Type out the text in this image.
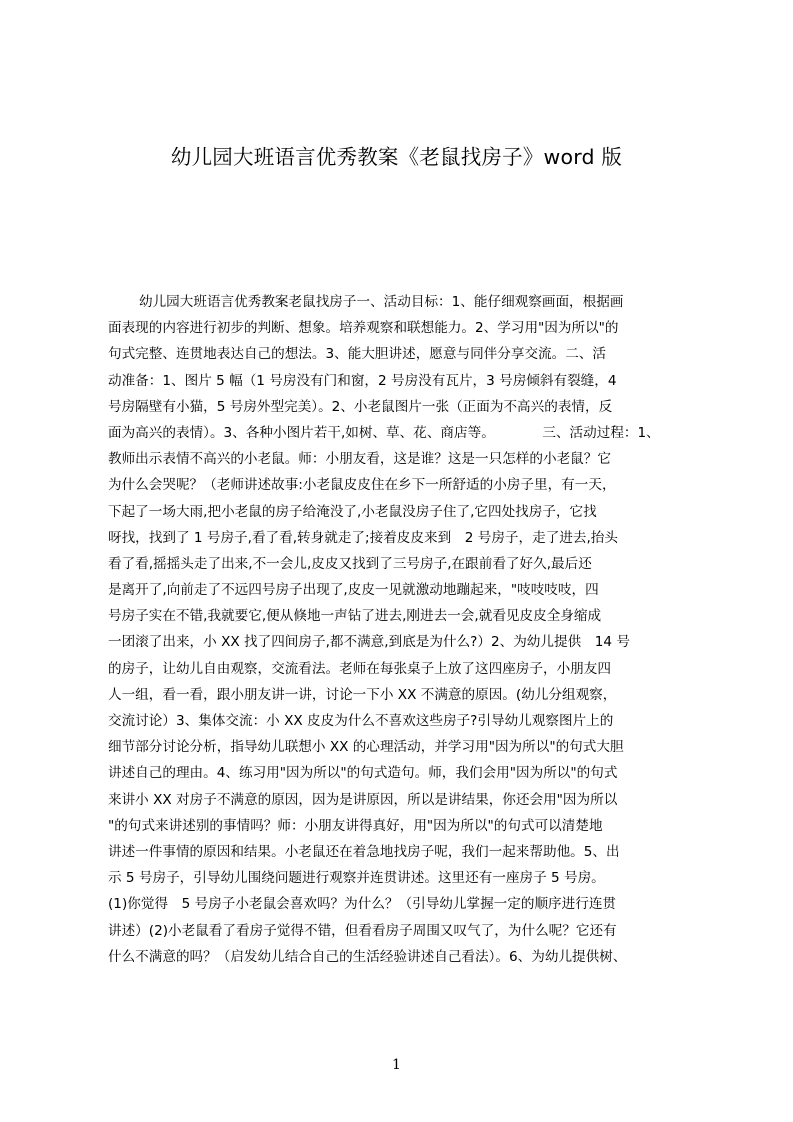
幼儿园大班语言优秀教案《老鼠找房子》word 版
幼儿园大班语言优秀教案老鼠找房子一、活动目标：1、能仔细观察画面，根据画
面表现的内容进行初步的判断、想象。培养观察和联想能力。2、学习用"因为所以"的
句式完整、连贯地表达自己的想法。3、能大胆讲述，愿意与同伴分享交流。二、活
动准备：1、图片 5 幅（1 号房没有门和窗，2 号房没有瓦片，3 号房倾斜有裂缝，4
号房隔壁有小猫，5 号房外型完美）。2、小老鼠图片一张（正面为不高兴的表情，反
面为高兴的表情）。3、各种小图片若干,如树、草、花、商店等。　　　　三、活动过程：1、
教师出示表情不高兴的小老鼠。师：小朋友看，这是谁？这是一只怎样的小老鼠？它
为什么会哭呢？（老师讲述故事:小老鼠皮皮住在乡下一所舒适的小房子里，有一天，
下起了一场大雨,把小老鼠的房子给淹没了,小老鼠没房子住了,它四处找房子，它找
呀找，找到了 1 号房子,看了看,转身就走了;接着皮皮来到　2 号房子，走了进去,抬头
看了看,摇摇头走了出来,不一会儿,皮皮又找到了三号房子,在跟前看了好久,最后还
是离开了,向前走了不远四号房子出现了,皮皮一见就激动地蹦起来，"吱吱吱吱，四
号房子实在不错,我就要它,便从倏地一声钻了进去,刚进去一会,就看见皮皮全身缩成
一团滚了出来，小 XX 找了四间房子,都不满意,到底是为什么?）2、为幼儿提供　14 号
的房子，让幼儿自由观察，交流看法。老师在每张桌子上放了这四座房子，小朋友四
人一组，看一看，跟小朋友讲一讲，讨论一下小 XX 不满意的原因。(幼儿分组观察，
交流讨论）3、集体交流：小 XX 皮皮为什么不喜欢这些房子?引导幼儿观察图片上的
细节部分讨论分析，指导幼儿联想小 XX 的心理活动，并学习用"因为所以"的句式大胆
讲述自己的理由。4、练习用"因为所以"的句式造句。师，我们会用"因为所以"的句式
来讲小 XX 对房子不满意的原因，因为是讲原因，所以是讲结果，你还会用"因为所以
"的句式来讲述别的事情吗？师：小朋友讲得真好，用"因为所以"的句式可以清楚地
讲述一件事情的原因和结果。小老鼠还在着急地找房子呢，我们一起来帮助他。5、出
示 5 号房子，引导幼儿围绕问题进行观察并连贯讲述。这里还有一座房子 5 号房。
(1)你觉得　5 号房子小老鼠会喜欢吗？为什么？（引导幼儿掌握一定的顺序进行连贯
讲述）(2)小老鼠看了看房子觉得不错，但看看房子周围又叹气了，为什么呢？它还有
什么不满意的吗？（启发幼儿结合自己的生活经验讲述自己看法）。6、为幼儿提供树、
1
